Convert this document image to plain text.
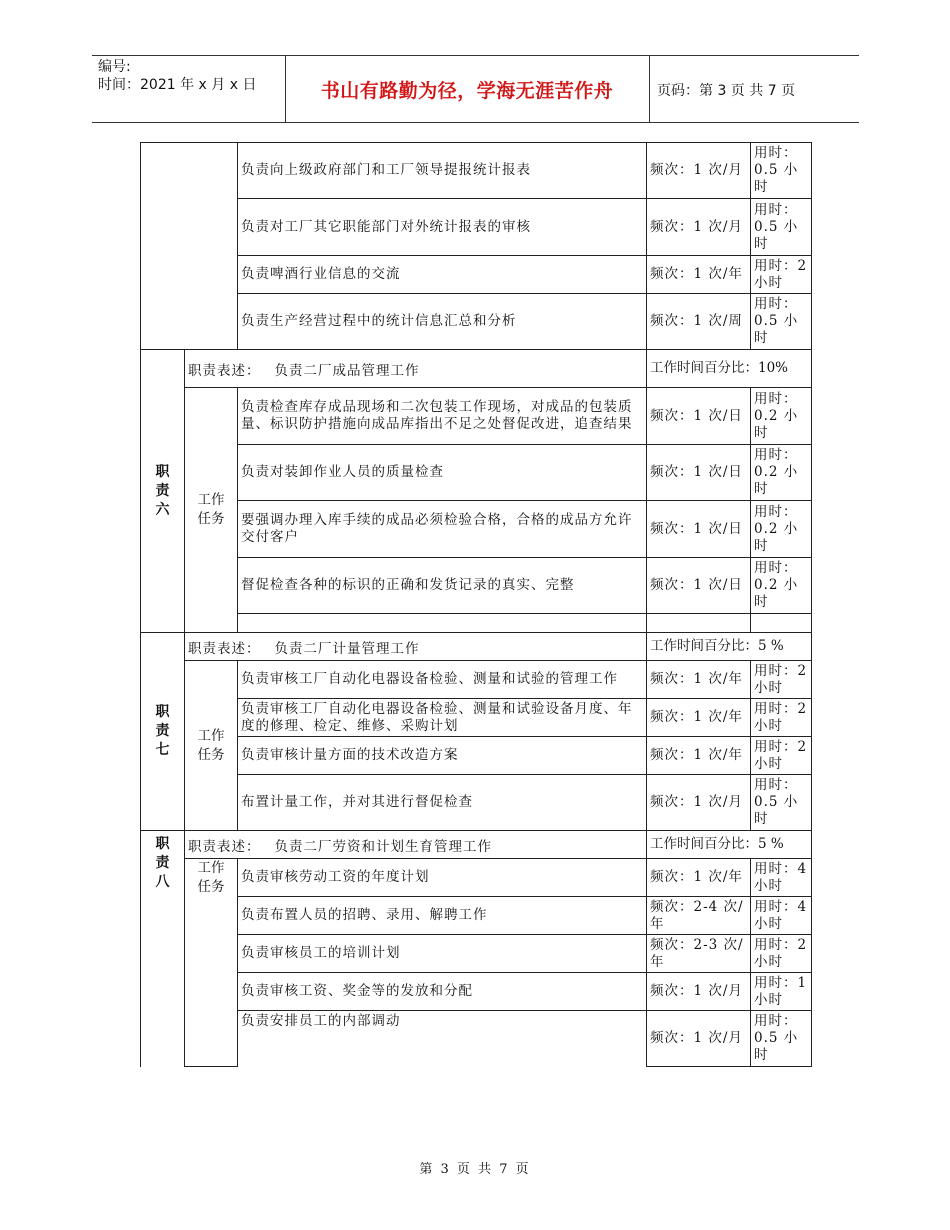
编号:
时间：2021 年 x 月 x 日	书山有路勤为径，学海无涯苦作舟	页码：第 3 页 共 7 页
		负责向上级政府部门和工厂领导提报统计报表	频次：1 次/月	用时：0.5 小时
		负责对工厂其它职能部门对外统计报表的审核	频次：1 次/月	用时：0.5 小时
		负责啤酒行业信息的交流	频次：1 次/年	用时：2 小时
		负责生产经营过程中的统计信息汇总和分析	频次：1 次/周	用时：0.5 小时
职责六	职责表述： 负责二厂成品管理工作		工作时间百分比：10%	
	工作任务	负责检查库存成品现场和二次包装工作现场，对成品的包装质量、标识防护措施向成品库指出不足之处督促改进，追查结果	频次：1 次/日	用时：0.2 小时
		负责对装卸作业人员的质量检查	频次：1 次/日	用时：0.2 小时
		要强调办理入库手续的成品必须检验合格，合格的成品方允许交付客户	频次：1 次/日	用时：0.2 小时
		督促检查各种的标识的正确和发货记录的真实、完整	频次：1 次/日	用时：0.2 小时

职责七	职责表述： 负责二厂计量管理工作		工作时间百分比：5 %	
	工作任务	负责审核工厂自动化电器设备检验、测量和试验的管理工作	频次：1 次/年	用时：2 小时
		负责审核工厂自动化电器设备检验、测量和试验设备月度、年度的修理、检定、维修、采购计划	频次：1 次/年	用时：2 小时
		负责审核计量方面的技术改造方案	频次：1 次/年	用时：2 小时
		布置计量工作，并对其进行督促检查	频次：1 次/月	用时：0.5 小时
职责八	职责表述： 负责二厂劳资和计划生育管理工作		工作时间百分比：5 %	
	工作任务	负责审核劳动工资的年度计划	频次：1 次/年	用时：4 小时
		负责布置人员的招聘、录用、解聘工作	频次：2-4 次/ 年	用时：4 小时
		负责审核员工的培训计划	频次：2-3 次/年	用时：2 小时
		负责审核工资、奖金等的发放和分配	频次：1 次/月	用时：1 小时
		负责安排员工的内部调动	频次：1 次/月	用时：0.5 小时
第 3 页 共 7 页
